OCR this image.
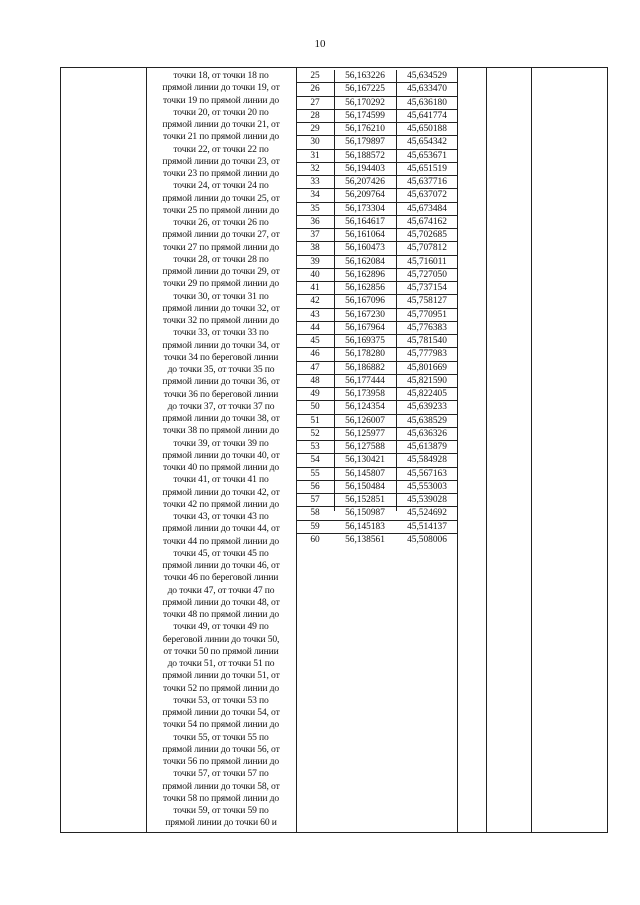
10
точки 18, от точки 18 по
прямой линии до точки 19, от
точки 19 по прямой линии до
точки 20, от точки 20 по
прямой линии до точки 21, от
точки 21 по прямой линии до
точки 22, от точки 22 по
прямой линии до точки 23, от
точки 23 по прямой линии до
точки 24, от точки 24 по
прямой линии до точки 25, от
точки 25 по прямой линии до
точки 26, от точки 26 по
прямой линии до точки 27, от
точки 27 по прямой линии до
точки 28, от точки 28 по
прямой линии до точки 29, от
точки 29 по прямой линии до
точки 30, от точки 31 по
прямой линии до точки 32, от
точки 32 по прямой линии до
точки 33, от точки 33 по
прямой линии до точки 34, от
точки 34 по береговой линии
до точки 35, от точки 35 по
прямой линии до точки 36, от
точки 36 по береговой линии
до точки 37, от точки 37 по
прямой линии до точки 38, от
точки 38 по прямой линии до
точки 39, от точки 39 по
прямой линии до точки 40, от
точки 40 по прямой линии до
точки 41, от точки 41 по
прямой линии до точки 42, от
точки 42 по прямой линии до
точки 43, от точки 43 по
прямой линии до точки 44, от
точки 44 по прямой линии до
точки 45, от точки 45 по
прямой линии до точки 46, от
точки 46 по береговой линии
до точки 47, от точки 47 по
прямой линии до точки 48, от
точки 48 по прямой линии до
точки 49, от точки 49 по
береговой линии до точки 50,
от точки 50 по прямой линии
до точки 51, от точки 51 по
прямой линии до точки 51, от
точки 52 по прямой линии до
точки 53, от точки 53 по
прямой линии до точки 54, от
точки 54 по прямой линии до
точки 55, от точки 55 по
прямой линии до точки 56, от
точки 56 по прямой линии до
точки 57, от точки 57 по
прямой линии до точки 58, от
точки 58 по прямой линии до
точки 59, от точки 59 по
прямой линии до точки 60 и
25	56,163226	45,634529
26	56,167225	45,633470
27	56,170292	45,636180
28	56,174599	45,641774
29	56,176210	45,650188
30	56,179897	45,654342
31	56,188572	45,653671
32	56,194403	45,651519
33	56,207426	45,637716
34	56,209764	45,637072
35	56,173304	45,673484
36	56,164617	45,674162
37	56,161064	45,702685
38	56,160473	45,707812
39	56,162084	45,716011
40	56,162896	45,727050
41	56,162856	45,737154
42	56,167096	45,758127
43	56,167230	45,770951
44	56,167964	45,776383
45	56,169375	45,781540
46	56,178280	45,777983
47	56,186882	45,801669
48	56,177444	45,821590
49	56,173958	45,822405
50	56,124354	45,639233
51	56,126007	45,638529
52	56,125977	45,636326
53	56,127588	45,613879
54	56,130421	45,584928
55	56,145807	45,567163
56	56,150484	45,553003
57	56,152851	45,539028
58	56,150987	45,524692
59	56,145183	45,514137
60	56,138561	45,508006
